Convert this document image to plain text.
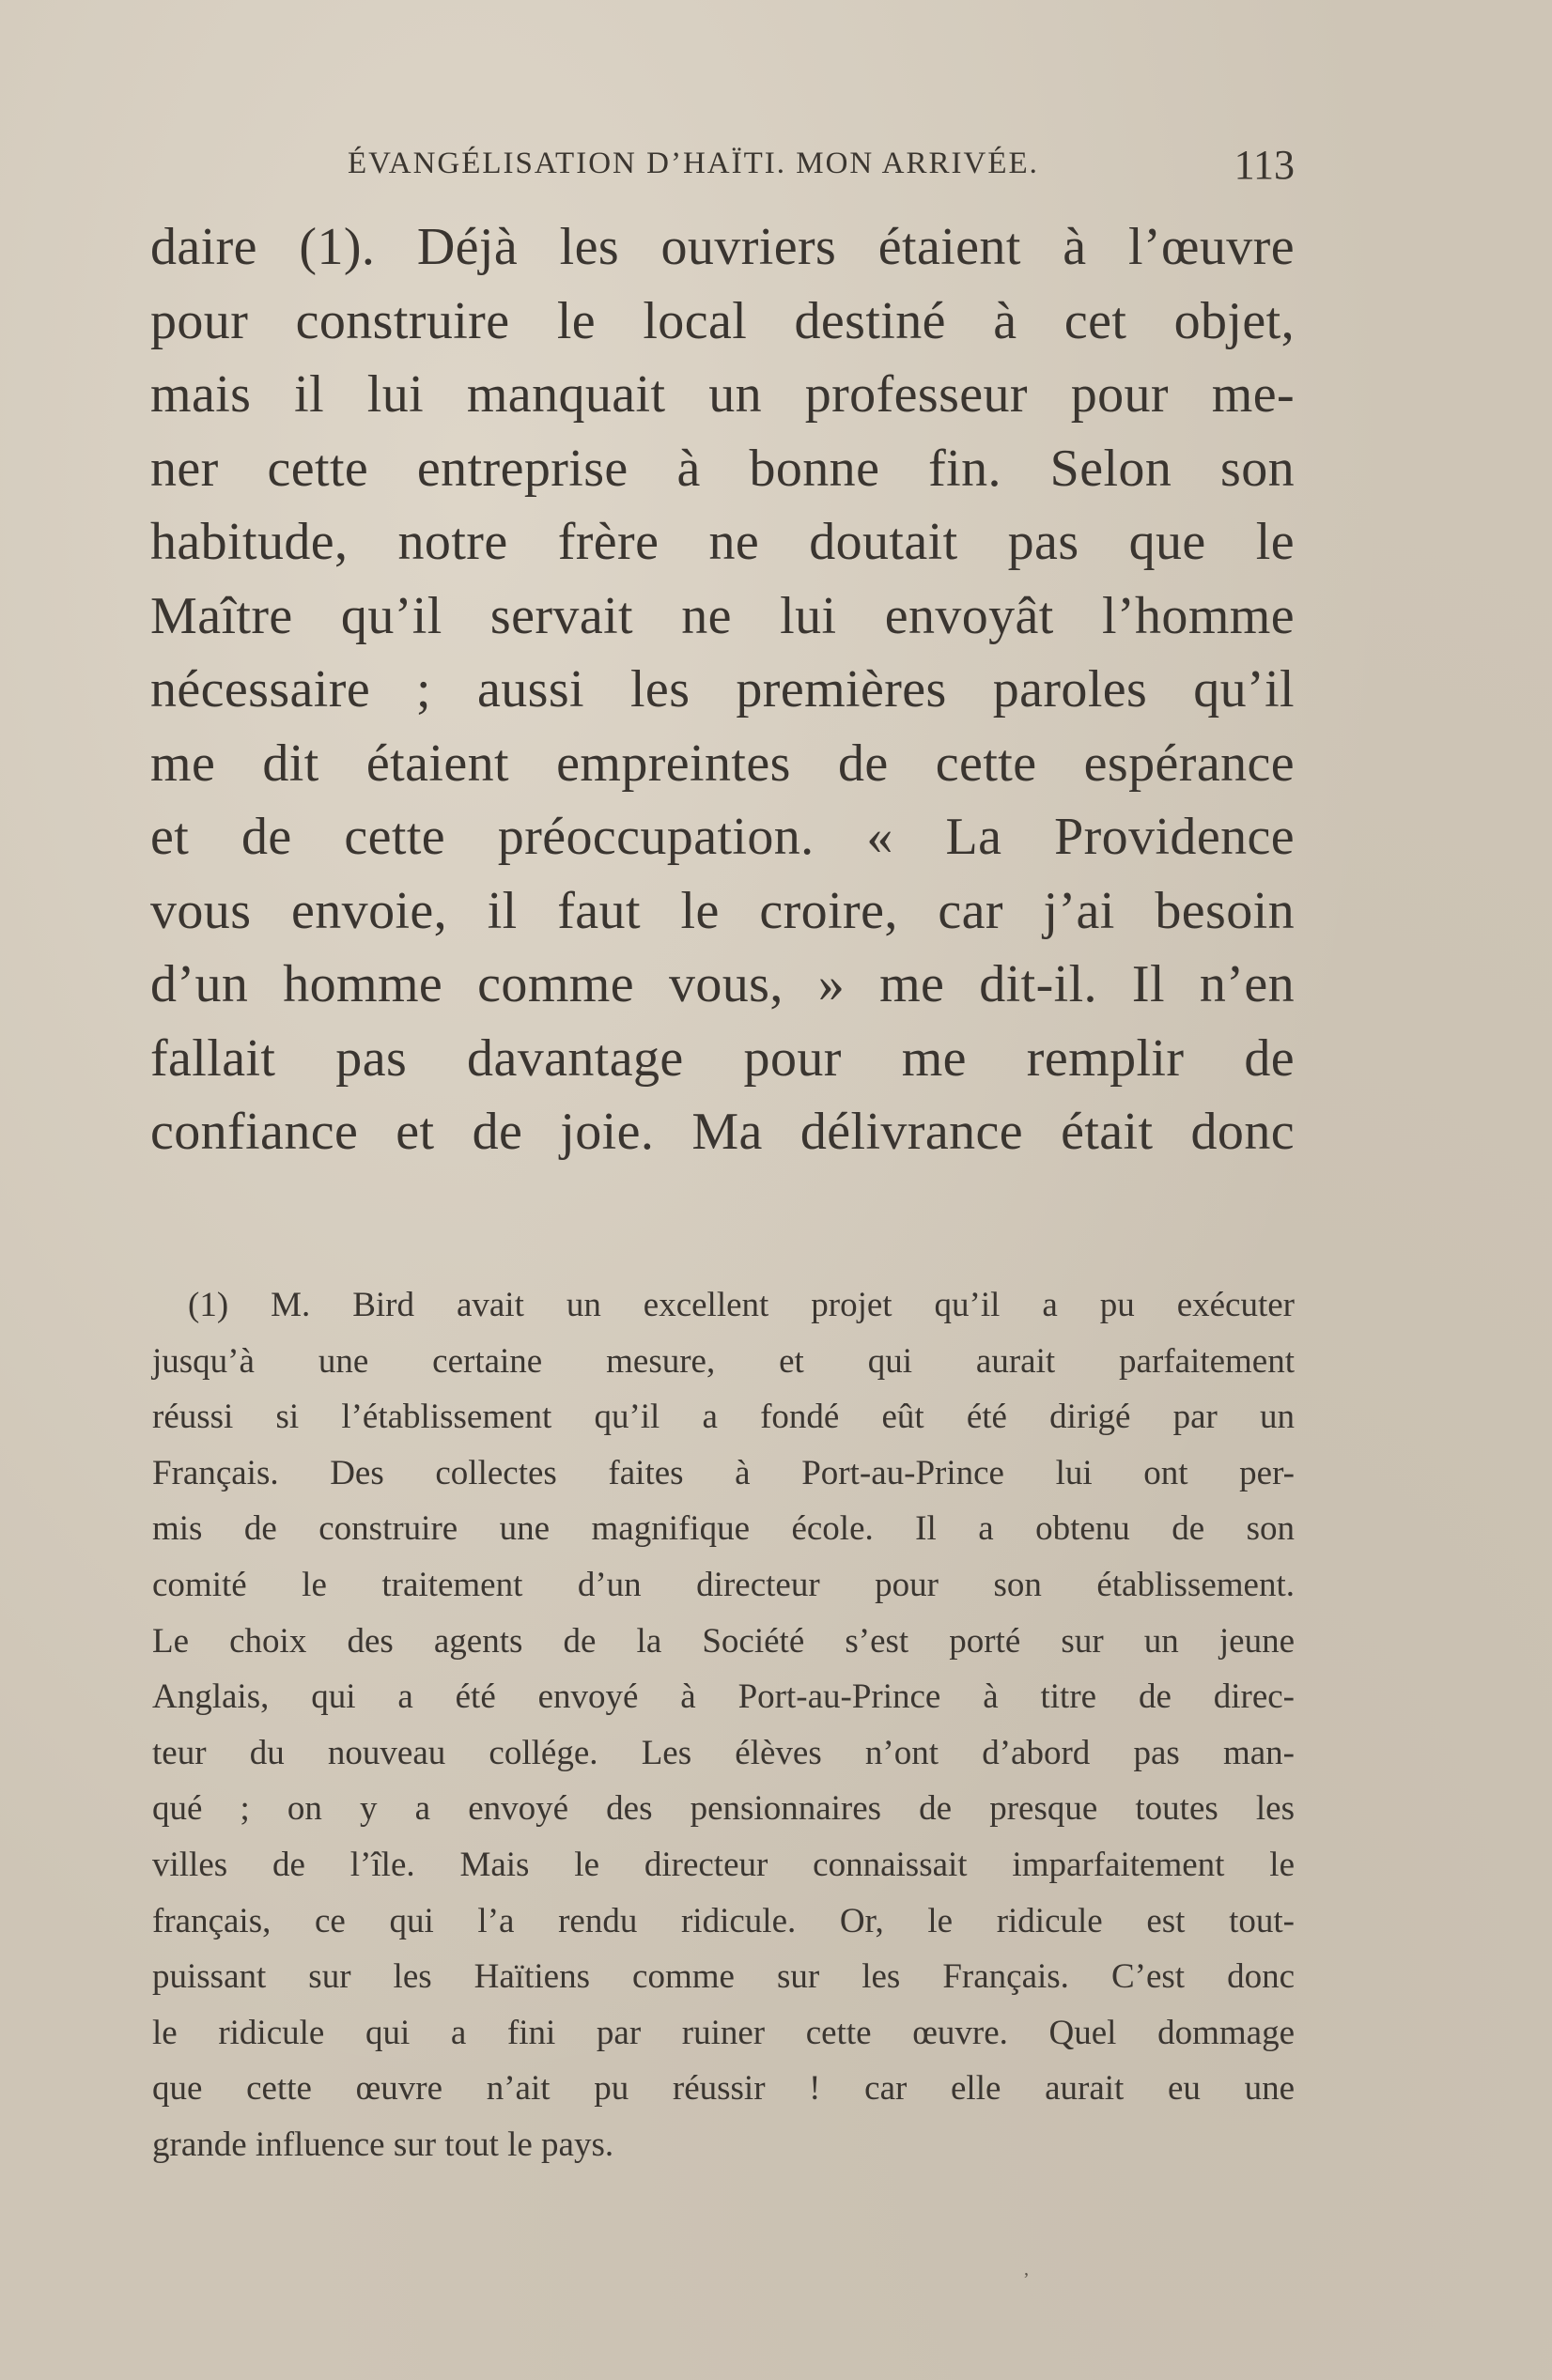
ÉVANGÉLISATION D’HAÏTI. MON ARRIVÉE.	113
daire (1). Déjà les ouvriers étaient à l’œuvre
pour construire le local destiné à cet objet,
mais il lui manquait un professeur pour me-
ner cette entreprise à bonne fin. Selon son
habitude, notre frère ne doutait pas que le
Maître qu’il servait ne lui envoyât l’homme
nécessaire ; aussi les premières paroles qu’il
me dit étaient empreintes de cette espérance
et de cette préoccupation. « La Providence
vous envoie, il faut le croire, car j’ai besoin
d’un homme comme vous, » me dit-il. Il n’en
fallait pas davantage pour me remplir de
confiance et de joie. Ma délivrance était donc
(1) M. Bird avait un excellent projet qu’il a pu exécuter
jusqu’à une certaine mesure, et qui aurait parfaitement
réussi si l’établissement qu’il a fondé eût été dirigé par un
Français. Des collectes faites à Port-au-Prince lui ont per-
mis de construire une magnifique école. Il a obtenu de son
comité le traitement d’un directeur pour son établissement.
Le choix des agents de la Société s’est porté sur un jeune
Anglais, qui a été envoyé à Port-au-Prince à titre de direc-
teur du nouveau collége. Les élèves n’ont d’abord pas man-
qué ; on y a envoyé des pensionnaires de presque toutes les
villes de l’île. Mais le directeur connaissait imparfaitement le
français, ce qui l’a rendu ridicule. Or, le ridicule est tout-
puissant sur les Haïtiens comme sur les Français. C’est donc
le ridicule qui a fini par ruiner cette œuvre. Quel dommage
que cette œuvre n’ait pu réussir ! car elle aurait eu une
grande influence sur tout le pays.
,
